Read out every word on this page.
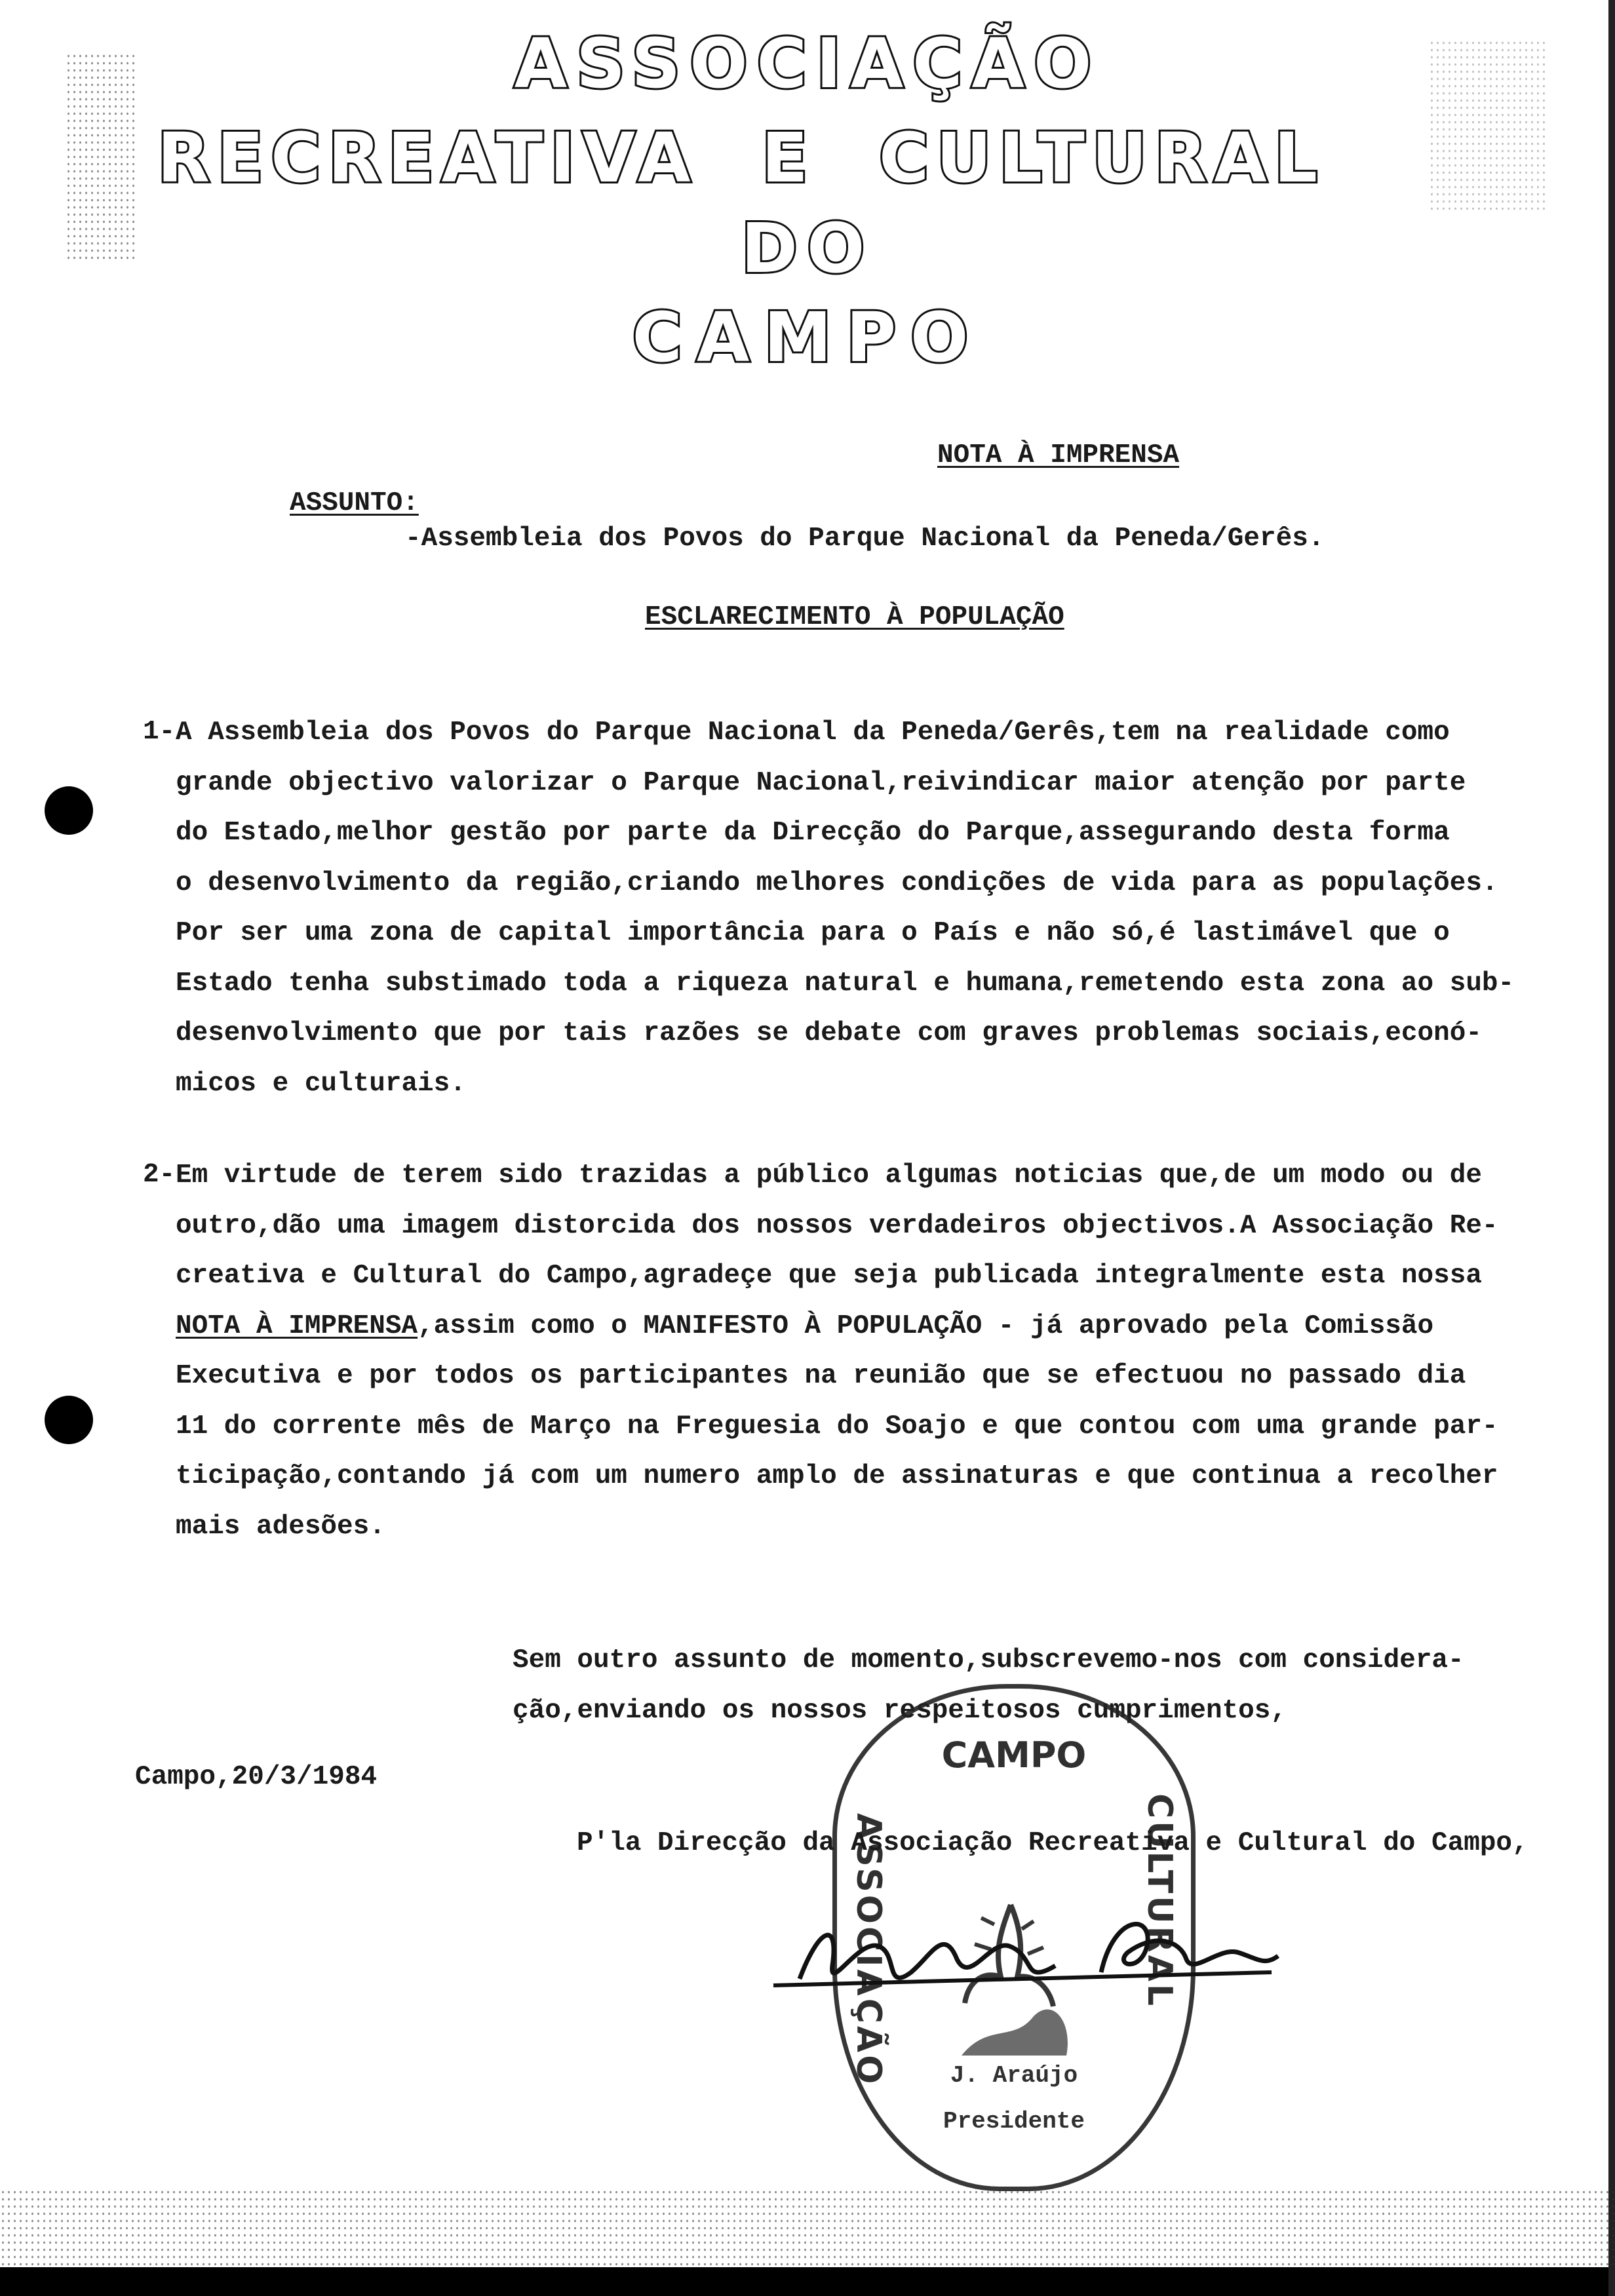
ASSOCIAÇÃO
RECREATIVA E CULTURAL
DO
CAMPO
NOTA À IMPRENSA
ASSUNTO:
-Assembleia dos Povos do Parque Nacional da Peneda/Gerês.
ESCLARECIMENTO À POPULAÇÃO
1- A Assembleia dos Povos do Parque Nacional da Peneda/Gerês,tem na realidade como
grande objectivo valorizar o Parque Nacional,reivindicar maior atenção por parte
do Estado,melhor gestão por parte da Direcção do Parque,assegurando desta forma
o desenvolvimento da região,criando melhores condições de vida para as populações.
Por ser uma zona de capital importância para o País e não só,é lastimável que o
Estado tenha substimado toda a riqueza natural e humana,remetendo esta zona ao sub-
desenvolvimento que por tais razões se debate com graves problemas sociais,econó-
micos e culturais.
2- Em virtude de terem sido trazidas a público algumas noticias que,de um modo ou de
outro,dão uma imagem distorcida dos nossos verdadeiros objectivos.A Associação Re-
creativa e Cultural do Campo,agradeçe que seja publicada integralmente esta nossa
NOTA À IMPRENSA,assim como o MANIFESTO À POPULAÇÃO - já aprovado pela Comissão
Executiva e por todos os participantes na reunião que se efectuou no passado dia
11 do corrente mês de Março na Freguesia do Soajo e que contou com uma grande par-
ticipação,contando já com um numero amplo de assinaturas e que continua a recolher
mais adesões.
Sem outro assunto de momento,subscrevemo-nos com considera-
ção,enviando os nossos respeitosos cumprimentos,
Campo,20/3/1984
P'la Direcção da Associação Recreativa e Cultural do Campo,
CAMPO
ASSOCIAÇÃO	CULTURAL
J. Araújo
Presidente
